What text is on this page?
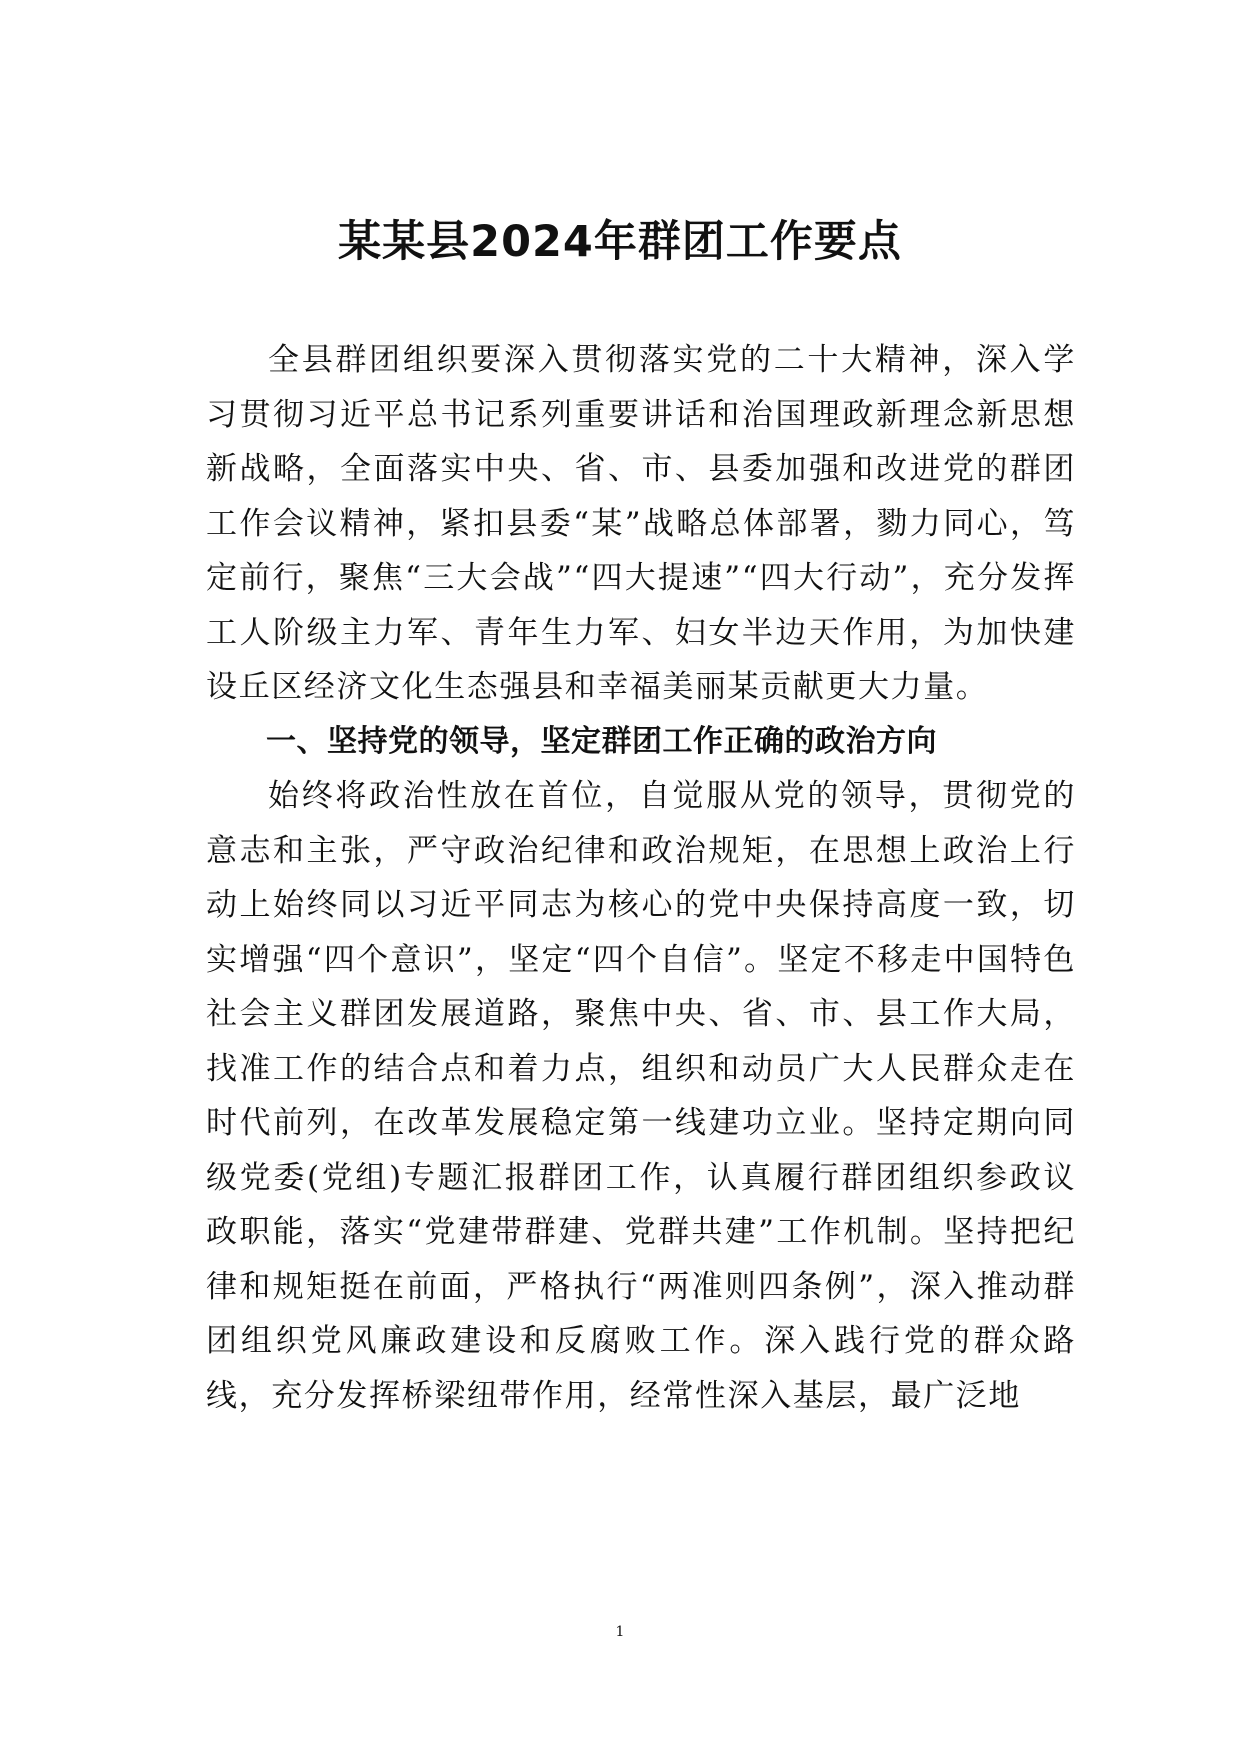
某某县2024年群团工作要点

全县群团组织要深入贯彻落实党的二十大精神，深入学习贯彻习近平总书记系列重要讲话和治国理政新理念新思想新战略，全面落实中央、省、市、县委加强和改进党的群团工作会议精神，紧扣县委“某”战略总体部署，勠力同心，笃定前行，聚焦“三大会战”“四大提速”“四大行动”，充分发挥工人阶级主力军、青年生力军、妇女半边天作用，为加快建设丘区经济文化生态强县和幸福美丽某贡献更大力量。

一、坚持党的领导，坚定群团工作正确的政治方向

始终将政治性放在首位，自觉服从党的领导，贯彻党的意志和主张，严守政治纪律和政治规矩，在思想上政治上行动上始终同以习近平同志为核心的党中央保持高度一致，切实增强“四个意识”，坚定“四个自信”。坚定不移走中国特色社会主义群团发展道路，聚焦中央、省、市、县工作大局，找准工作的结合点和着力点，组织和动员广大人民群众走在时代前列，在改革发展稳定第一线建功立业。坚持定期向同级党委(党组)专题汇报群团工作，认真履行群团组织参政议政职能，落实“党建带群建、党群共建”工作机制。坚持把纪律和规矩挺在前面，严格执行“两准则四条例”，深入推动群团组织党风廉政建设和反腐败工作。深入践行党的群众路线，充分发挥桥梁纽带作用，经常性深入基层，最广泛地

1
